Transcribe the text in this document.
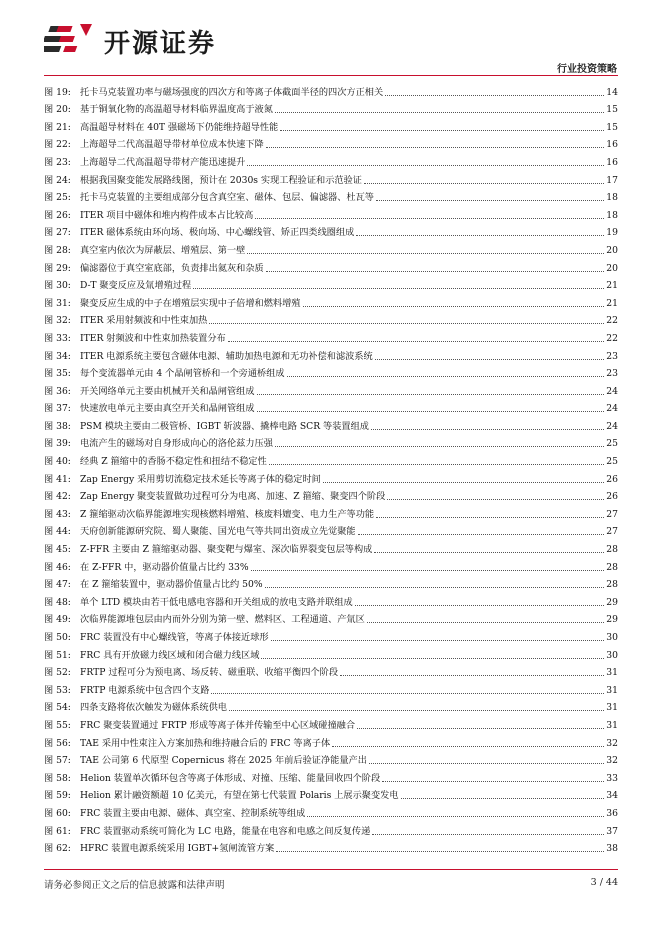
开源证券
行业投资策略
图 19: 托卡马克装置功率与磁场强度的四次方和等离子体截面半径的四次方正相关	14
图 20: 基于铜氧化物的高温超导材料临界温度高于液氮	15
图 21: 高温超导材料在 40T 强磁场下仍能维持超导性能	15
图 22: 上海超导二代高温超导带材单位成本快速下降	16
图 23: 上海超导二代高温超导带材产能迅速提升	16
图 24: 根据我国聚变能发展路线图，预计在 2030s 实现工程验证和示范验证	17
图 25: 托卡马克装置的主要组成部分包含真空室、磁体、包层、偏滤器、杜瓦等	18
图 26: ITER 项目中磁体和堆内构件成本占比较高	18
图 27: ITER 磁体系统由环向场、极向场、中心螺线管、矫正四类线圈组成	19
图 28: 真空室内依次为屏蔽层、增殖层、第一壁	20
图 29: 偏滤器位于真空室底部，负责排出氦灰和杂质	20
图 30: D-T 聚变反应及氚增殖过程	21
图 31: 聚变反应生成的中子在增殖层实现中子倍增和燃料增殖	21
图 32: ITER 采用射频波和中性束加热	22
图 33: ITER 射频波和中性束加热装置分布	22
图 34: ITER 电源系统主要包含磁体电源、辅助加热电源和无功补偿和滤波系统	23
图 35: 每个变流器单元由 4 个晶闸管桥和一个旁通桥组成	23
图 36: 开关网络单元主要由机械开关和晶闸管组成	24
图 37: 快速放电单元主要由真空开关和晶闸管组成	24
图 38: PSM 模块主要由二极管桥、IGBT 斩波器、撬棒电路 SCR 等装置组成	24
图 39: 电流产生的磁场对自身形成向心的洛伦兹力压强	25
图 40: 经典 Z 箍缩中的香肠不稳定性和扭结不稳定性	25
图 41: Zap Energy 采用剪切流稳定技术延长等离子体的稳定时间	26
图 42: Zap Energy 聚变装置做功过程可分为电离、加速、Z 箍缩、聚变四个阶段	26
图 43: Z 箍缩驱动次临界能源堆实现核燃料增殖、核废料嬗变、电力生产等功能	27
图 44: 天府创新能源研究院、蜀人聚能、国光电气等共同出资成立先觉聚能	27
图 45: Z-FFR 主要由 Z 箍缩驱动器、聚变靶与爆室、深次临界裂变包层等构成	28
图 46: 在 Z-FFR 中，驱动器价值量占比约 33%	28
图 47: 在 Z 箍缩装置中，驱动器价值量占比约 50%	28
图 48: 单个 LTD 模块由若干低电感电容器和开关组成的放电支路并联组成	29
图 49: 次临界能源堆包层由内而外分别为第一壁、燃料区、工程通道、产氚区	29
图 50: FRC 装置没有中心螺线管，等离子体接近球形	30
图 51: FRC 具有开放磁力线区域和闭合磁力线区域	30
图 52: FRTP 过程可分为预电离、场反转、磁重联、收缩平衡四个阶段	31
图 53: FRTP 电源系统中包含四个支路	31
图 54: 四条支路将依次触发为磁体系统供电	31
图 55: FRC 聚变装置通过 FRTP 形成等离子体并传输至中心区域碰撞融合	31
图 56: TAE 采用中性束注入方案加热和维持融合后的 FRC 等离子体	32
图 57: TAE 公司第 6 代原型 Copernicus 将在 2025 年前后验证净能量产出	32
图 58: Helion 装置单次循环包含等离子体形成、对撞、压缩、能量回收四个阶段	33
图 59: Helion 累计融资额超 10 亿美元，有望在第七代装置 Polaris 上展示聚变发电	34
图 60: FRC 装置主要由电源、磁体、真空室、控制系统等组成	36
图 61: FRC 装置驱动系统可简化为 LC 电路，能量在电容和电感之间反复传递	37
图 62: HFRC 装置电源系统采用 IGBT+氢闸流管方案	38
请务必参阅正文之后的信息披露和法律声明	3 / 44
